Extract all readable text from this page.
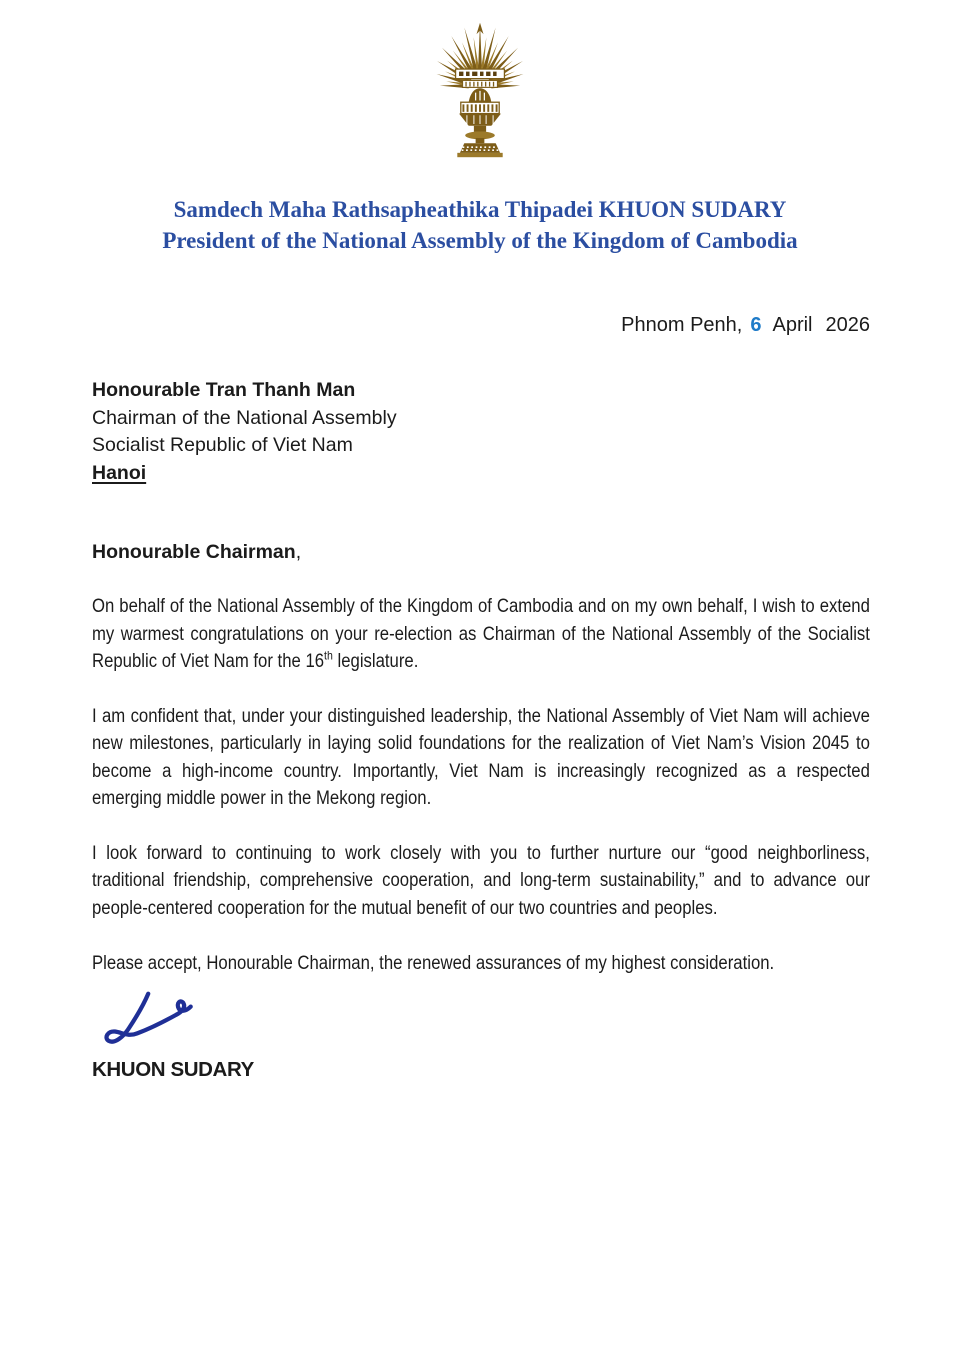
Samdech Maha Rathsapheathika Thipadei KHUON SUDARY
President of the National Assembly of the Kingdom of Cambodia
Phnom Penh, 6 April 2026
Honourable Tran Thanh Man
Chairman of the National Assembly
Socialist Republic of Viet Nam
Hanoi
Honourable Chairman,
On behalf of the National Assembly of the Kingdom of Cambodia and on my own behalf, I wish to extend my warmest congratulations on your re-election as Chairman of the National Assembly of the Socialist Republic of Viet Nam for the 16th legislature.
I am confident that, under your distinguished leadership, the National Assembly of Viet Nam will achieve new milestones, particularly in laying solid foundations for the realization of Viet Nam’s Vision 2045 to become a high-income country. Importantly, Viet Nam is increasingly recognized as a respected emerging middle power in the Mekong region.
I look forward to continuing to work closely with you to further nurture our “good neighborliness, traditional friendship, comprehensive cooperation, and long-term sustainability,” and to advance our people-centered cooperation for the mutual benefit of our two countries and peoples.
Please accept, Honourable Chairman, the renewed assurances of my highest consideration.
KHUON SUDARY
